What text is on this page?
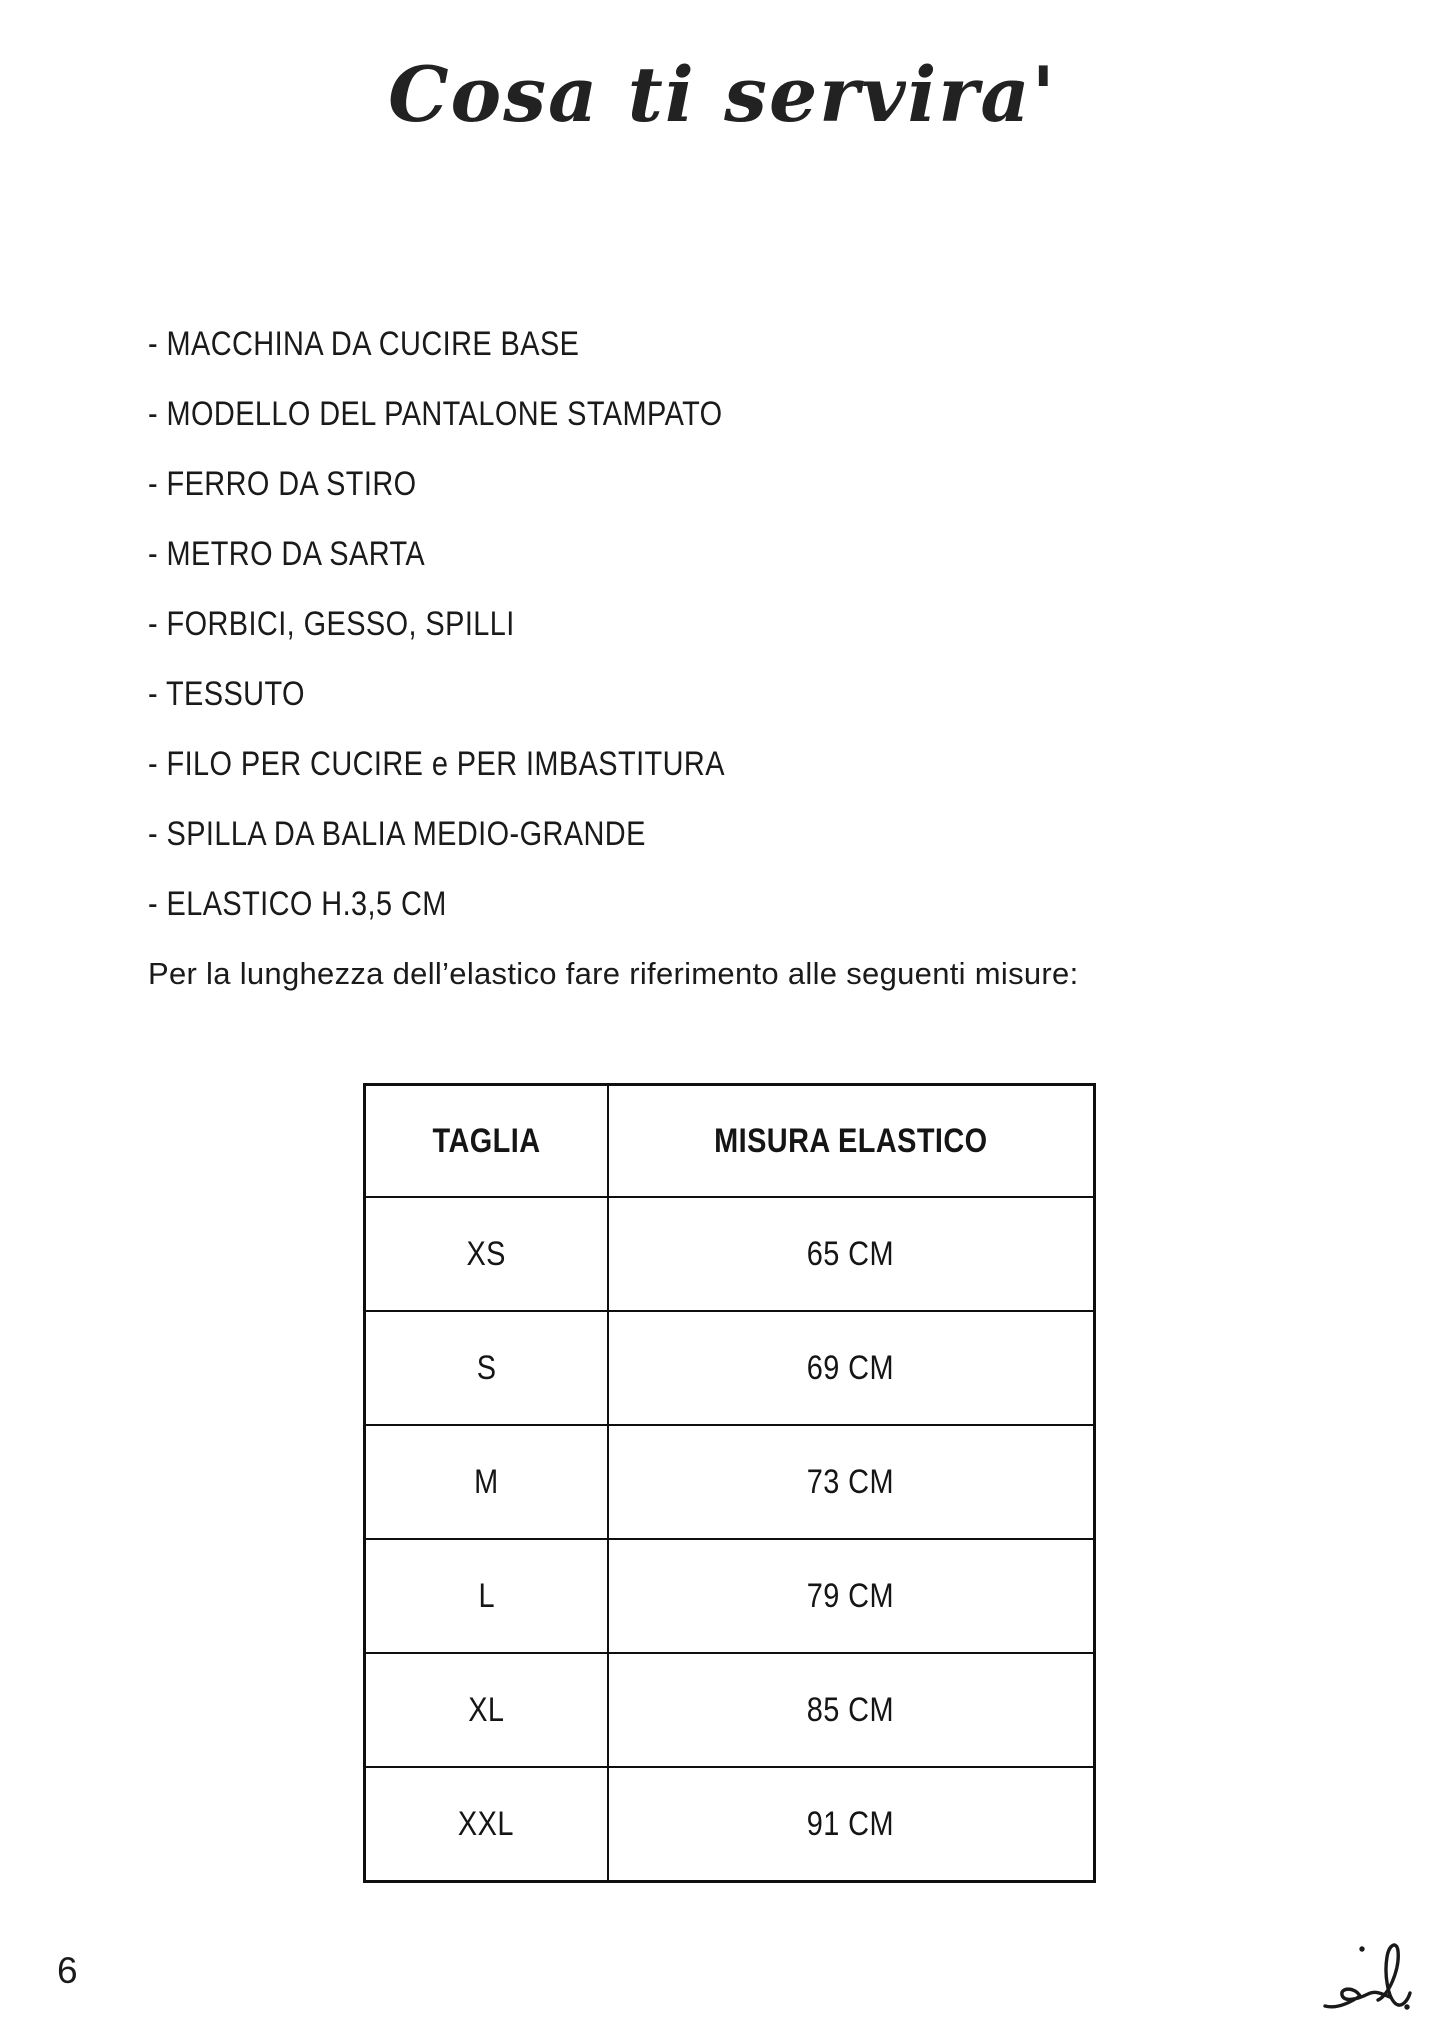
Cosa ti servira'
- MACCHINA DA CUCIRE BASE
- MODELLO DEL PANTALONE STAMPATO
- FERRO DA STIRO
- METRO DA SARTA
- FORBICI, GESSO, SPILLI
- TESSUTO
- FILO PER CUCIRE e PER IMBASTITURA
- SPILLA DA BALIA MEDIO-GRANDE
- ELASTICO H.3,5 CM
Per la lunghezza dell’elastico fare riferimento alle seguenti misure:
TAGLIA	MISURA ELASTICO
XS	65 CM
S	69 CM
M	73 CM
L	79 CM
XL	85 CM
XXL	91 CM
6
